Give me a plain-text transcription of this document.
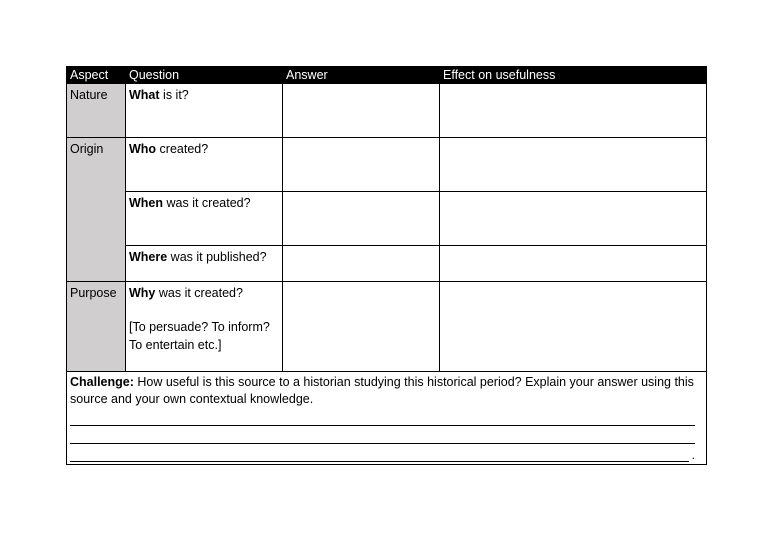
Aspect	Question	Answer	Effect on usefulness
Nature	What is it?		
Origin	Who created?		
	When was it created?		
	Where was it published?		
Purpose	Why was it created?
[To persuade? To inform? To entertain etc.]		

Challenge: How useful is this source to a historian studying this historical period? Explain your answer using this source and your own contextual knowledge.
.			
